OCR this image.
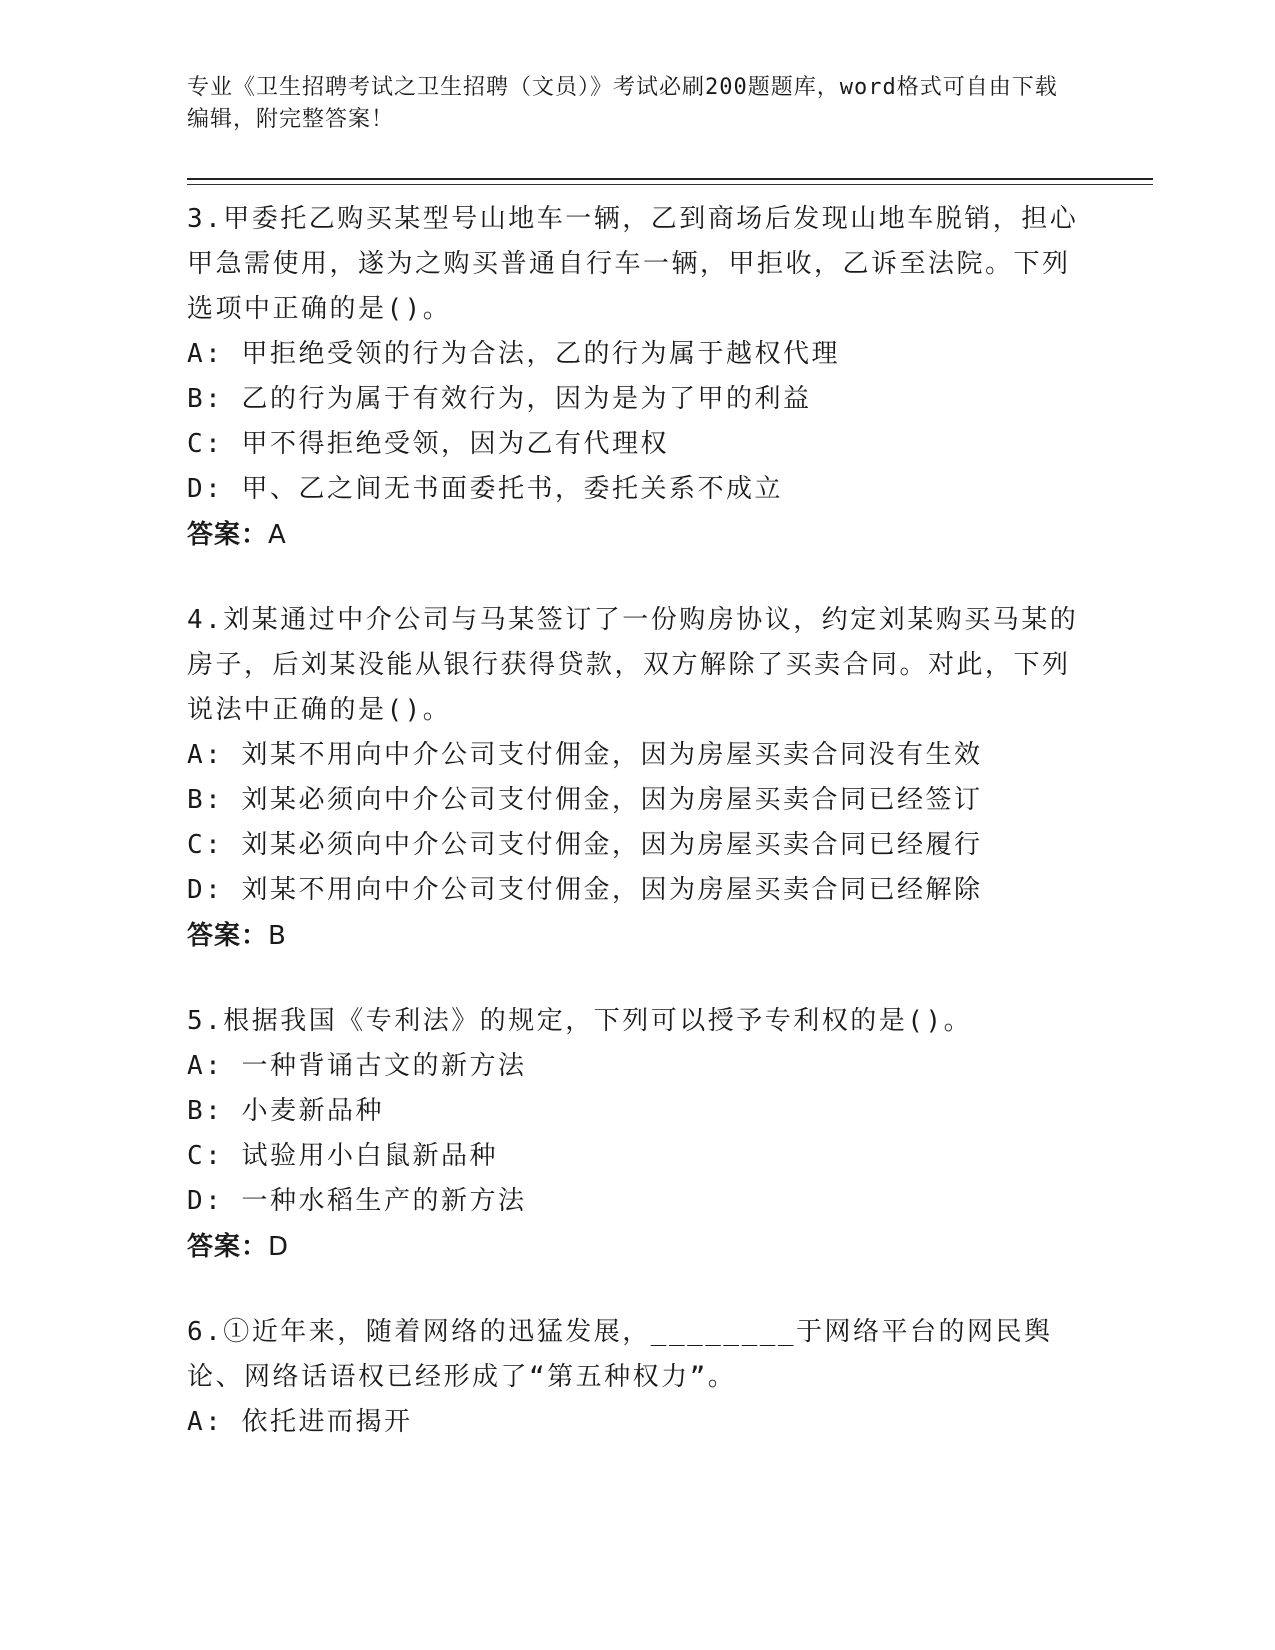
专业《卫生招聘考试之卫生招聘（文员）》考试必刷200题题库，word格式可自由下载编辑，附完整答案！
3.甲委托乙购买某型号山地车一辆，乙到商场后发现山地车脱销，担心甲急需使用，遂为之购买普通自行车一辆，甲拒收，乙诉至法院。下列选项中正确的是()。
A: 甲拒绝受领的行为合法，乙的行为属于越权代理
B: 乙的行为属于有效行为，因为是为了甲的利益
C: 甲不得拒绝受领，因为乙有代理权
D: 甲、乙之间无书面委托书，委托关系不成立
答案：A
4.刘某通过中介公司与马某签订了一份购房协议，约定刘某购买马某的房子，后刘某没能从银行获得贷款，双方解除了买卖合同。对此，下列说法中正确的是()。
A: 刘某不用向中介公司支付佣金，因为房屋买卖合同没有生效
B: 刘某必须向中介公司支付佣金，因为房屋买卖合同已经签订
C: 刘某必须向中介公司支付佣金，因为房屋买卖合同已经履行
D: 刘某不用向中介公司支付佣金，因为房屋买卖合同已经解除
答案：B
5.根据我国《专利法》的规定，下列可以授予专利权的是()。
A: 一种背诵古文的新方法
B: 小麦新品种
C: 试验用小白鼠新品种
D: 一种水稻生产的新方法
答案：D
6.①近年来，随着网络的迅猛发展，________于网络平台的网民舆论、网络话语权已经形成了“第五种权力”。
A: 依托进而揭开
